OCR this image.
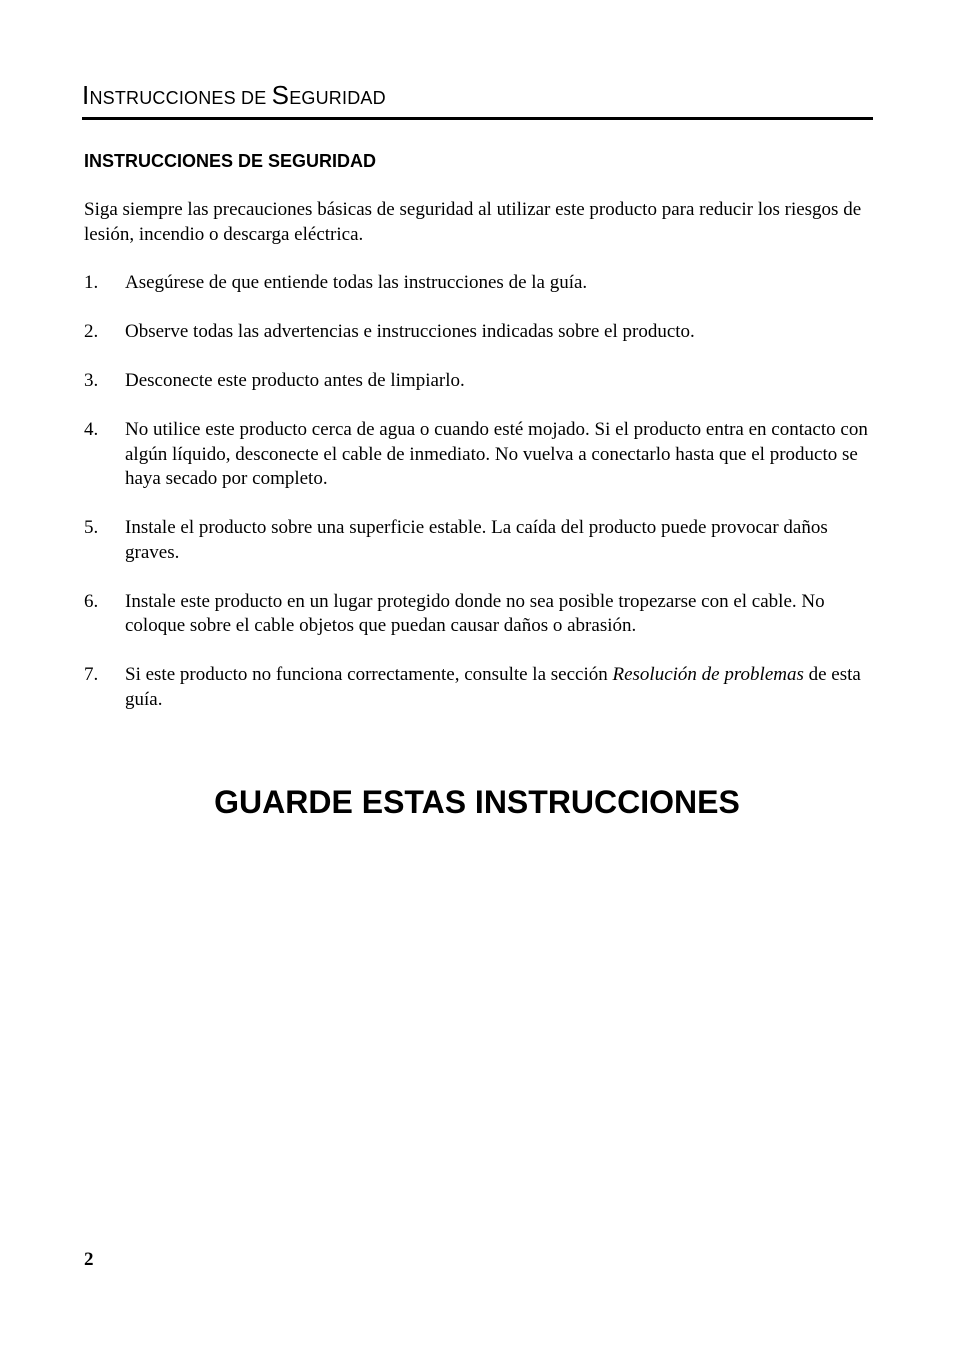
INSTRUCCIONES DE SEGURIDAD
INSTRUCCIONES DE SEGURIDAD

Siga siempre las precauciones básicas de seguridad al utilizar este producto para reducir los riesgos de lesión, incendio o descarga eléctrica.

1.	Asegúrese de que entiende todas las instrucciones de la guía.
2.	Observe todas las advertencias e instrucciones indicadas sobre el producto.
3.	Desconecte este producto antes de limpiarlo.
4.	No utilice este producto cerca de agua o cuando esté mojado. Si el producto entra en contacto con algún líquido, desconecte el cable de inmediato. No vuelva a conectarlo hasta que el producto se haya secado por completo.
5.	Instale el producto sobre una superficie estable. La caída del producto puede provocar daños graves.
6.	Instale este producto en un lugar protegido donde no sea posible tropezarse con el cable. No coloque sobre el cable objetos que puedan causar daños o abrasión.
7.	Si este producto no funciona correctamente, consulte la sección Resolución de problemas de esta guía.
GUARDE ESTAS INSTRUCCIONES
2
